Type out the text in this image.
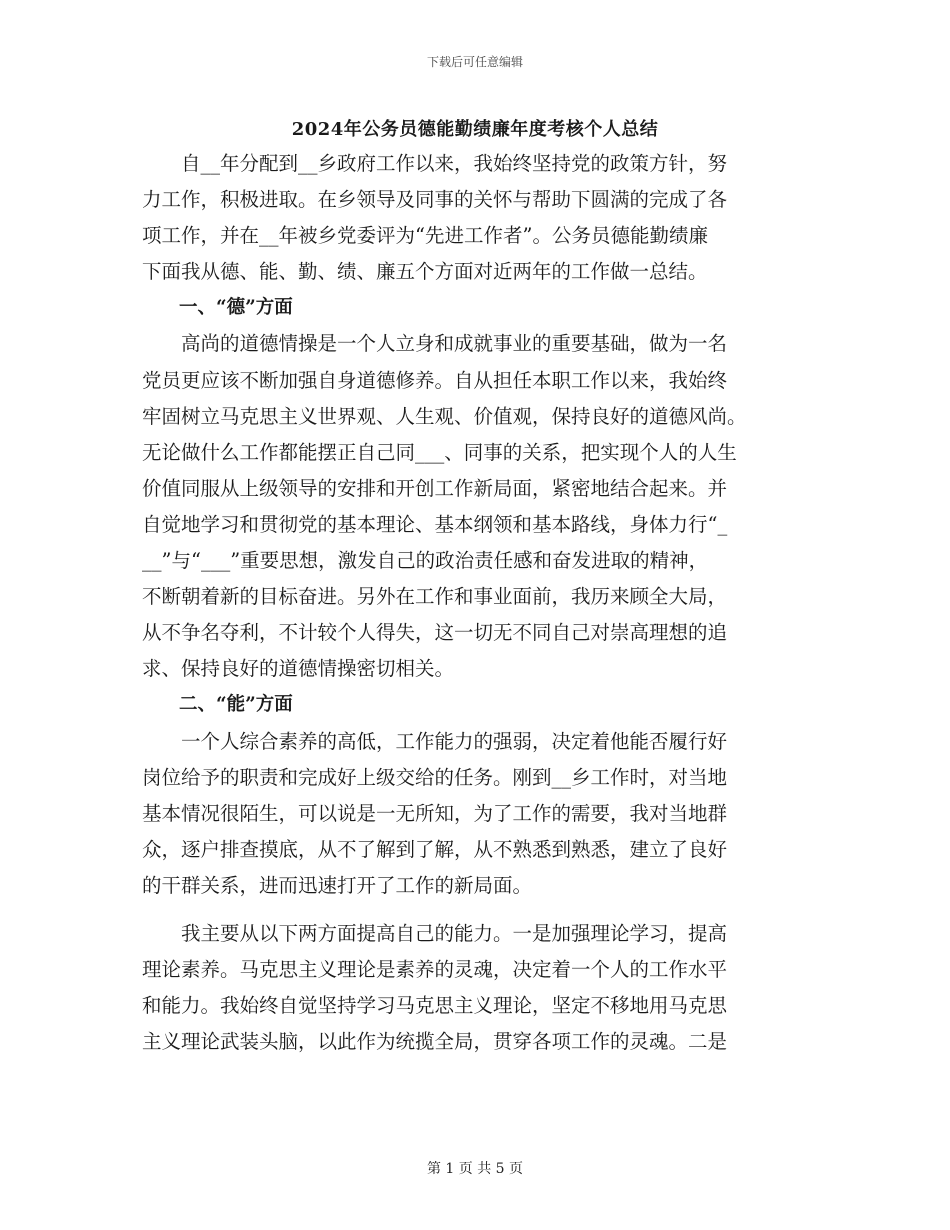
下载后可任意编辑
2024年公务员德能勤绩廉年度考核个人总结
　　自__年分配到__乡政府工作以来，我始终坚持党的政策方针，努
力工作，积极进取。在乡领导及同事的关怀与帮助下圆满的完成了各
项工作，并在__年被乡党委评为“先进工作者”。公务员德能勤绩廉
下面我从德、能、勤、绩、廉五个方面对近两年的工作做一总结。
　　一、“德”方面
　　高尚的道德情操是一个人立身和成就事业的重要基础，做为一名
党员更应该不断加强自身道德修养。自从担任本职工作以来，我始终
牢固树立马克思主义世界观、人生观、价值观，保持良好的道德风尚。
无论做什么工作都能摆正自己同___、同事的关系，把实现个人的人生
价值同服从上级领导的安排和开创工作新局面，紧密地结合起来。并
自觉地学习和贯彻党的基本理论、基本纲领和基本路线，身体力行“_
__”与“___”重要思想，激发自己的政治责任感和奋发进取的精神，
不断朝着新的目标奋进。另外在工作和事业面前，我历来顾全大局，
从不争名夺利，不计较个人得失，这一切无不同自己对崇高理想的追
求、保持良好的道德情操密切相关。
　　二、“能”方面
　　一个人综合素养的高低，工作能力的强弱，决定着他能否履行好
岗位给予的职责和完成好上级交给的任务。刚到__乡工作时，对当地
基本情况很陌生，可以说是一无所知，为了工作的需要，我对当地群
众，逐户排查摸底，从不了解到了解，从不熟悉到熟悉，建立了良好
的干群关系，进而迅速打开了工作的新局面。
　　我主要从以下两方面提高自己的能力。一是加强理论学习，提高
理论素养。马克思主义理论是素养的灵魂，决定着一个人的工作水平
和能力。我始终自觉坚持学习马克思主义理论，坚定不移地用马克思
主义理论武装头脑，以此作为统揽全局，贯穿各项工作的灵魂。二是
第 1 页 共 5 页
